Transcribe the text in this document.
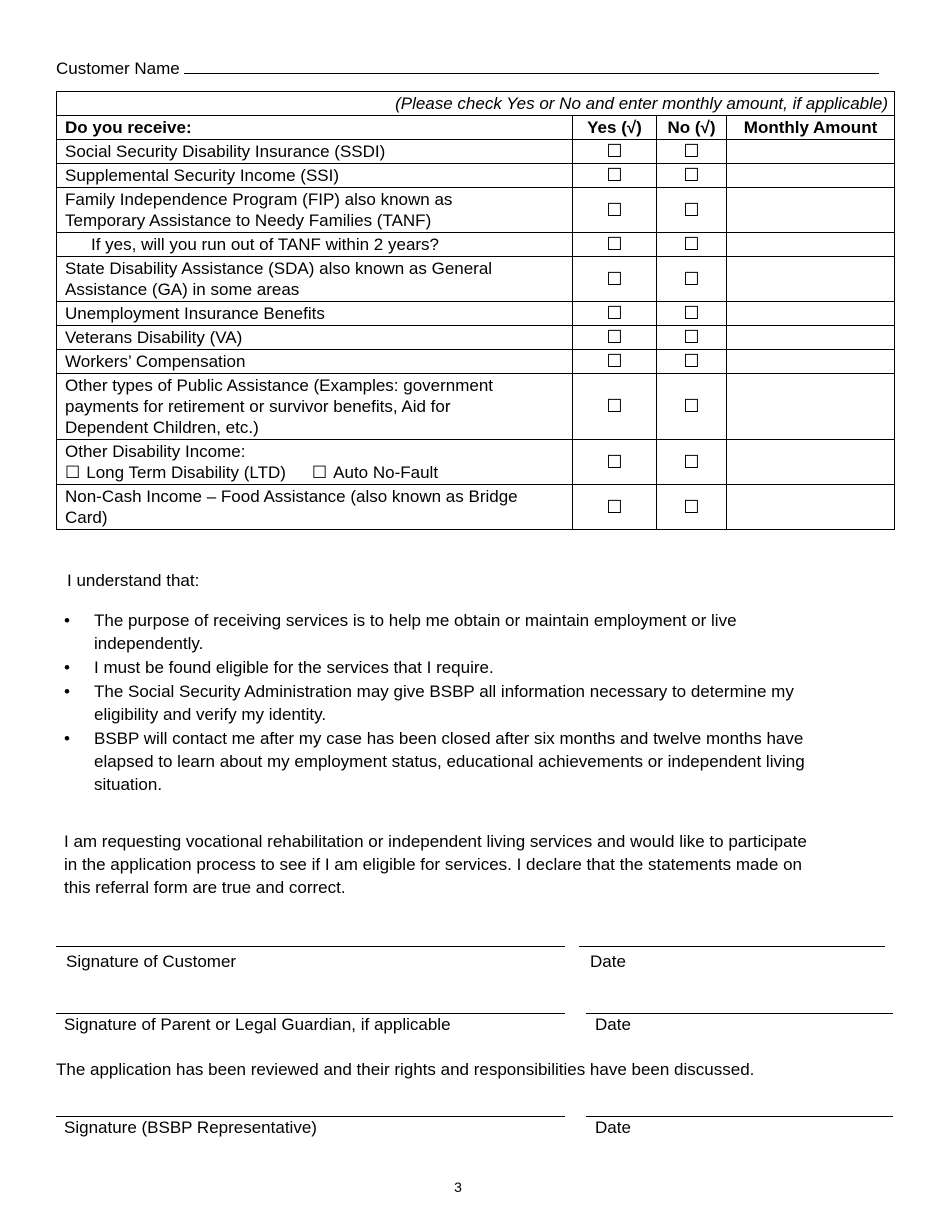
Customer Name
(Please check Yes or No and enter monthly amount, if applicable)			
Do you receive:	Yes (√)	No (√)	Monthly Amount
Social Security Disability Insurance (SSDI)	☐	☐	
Supplemental Security Income (SSI)	☐	☐	
Family Independence Program (FIP) also known as
Temporary Assistance to Needy Families (TANF)	☐	☐	
If yes, will you run out of TANF within 2 years?	☐	☐	
State Disability Assistance (SDA) also known as General
Assistance (GA) in some areas	☐	☐	
Unemployment Insurance Benefits	☐	☐	
Veterans Disability (VA)	☐	☐	
Workers’ Compensation	☐	☐	
Other types of Public Assistance (Examples: government
payments for retirement or survivor benefits, Aid for
Dependent Children, etc.)	☐	☐	
Other Disability Income:
☐ Long Term Disability (LTD) ☐ Auto No-Fault	☐	☐	
Non-Cash Income – Food Assistance (also known as Bridge
Card)	☐	☐	
I understand that:
• The purpose of receiving services is to help me obtain or maintain employment or live
independently.
• I must be found eligible for the services that I require.
• The Social Security Administration may give BSBP all information necessary to determine my
eligibility and verify my identity.
• BSBP will contact me after my case has been closed after six months and twelve months have
elapsed to learn about my employment status, educational achievements or independent living
situation.
I am requesting vocational rehabilitation or independent living services and would like to participate
in the application process to see if I am eligible for services. I declare that the statements made on
this referral form are true and correct.
Signature of Customer	Date
Signature of Parent or Legal Guardian, if applicable	Date
The application has been reviewed and their rights and responsibilities have been discussed.
Signature (BSBP Representative)	Date
3
